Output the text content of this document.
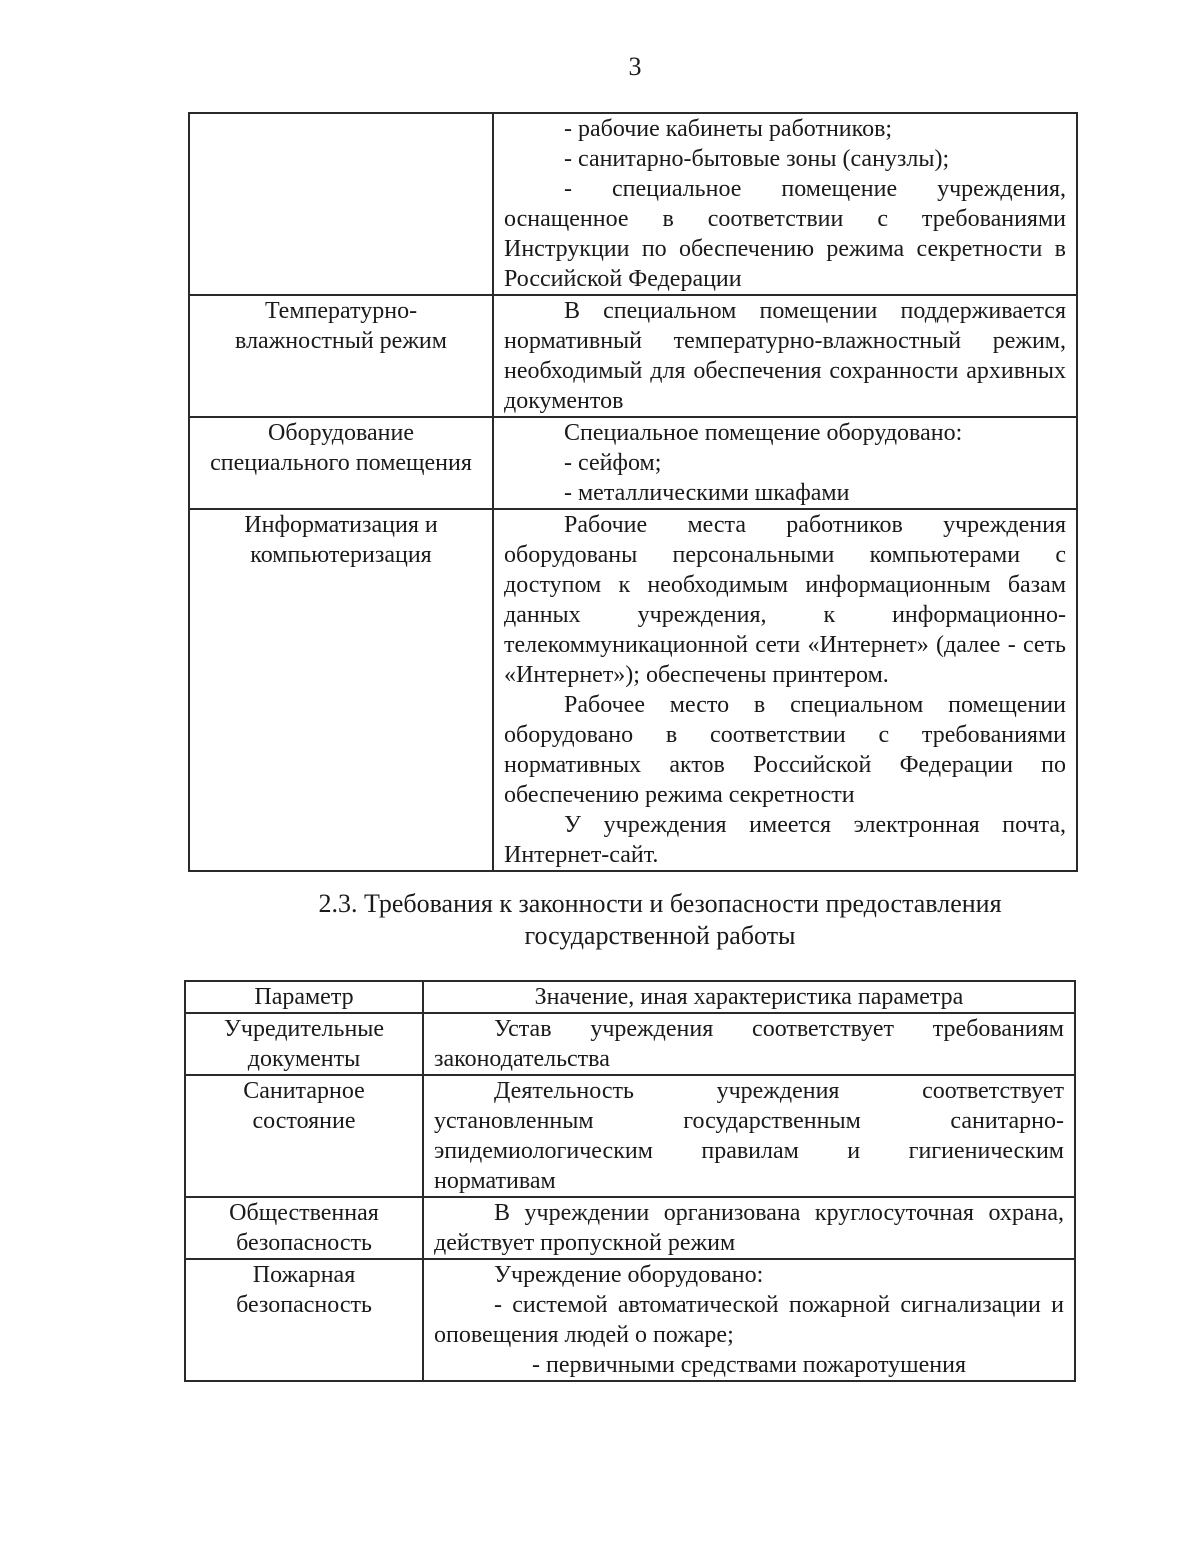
3

	- рабочие кабинеты работников;

- санитарно-бытовые зоны (санузлы);

- специальное помещение учреждения, оснащенное в соответствии с требованиями Инструкции по обеспечению режима секретности в Российской Федерации

Температурно-влажностный режим	В специальном помещении поддерживается нормативный температурно-влажностный режим, необходимый для обеспечения сохранности архивных документов

Оборудование специального помещения	Специальное помещение оборудовано:

- сейфом;

- металлическими шкафами

Информатизация и компьютеризация	Рабочие места работников учреждения оборудованы персональными компьютерами с доступом к необходимым информационным базам данных учреждения, к информационно-телекоммуникационной сети «Интернет» (далее - сеть «Интернет»); обеспечены принтером.

Рабочее место в специальном помещении оборудовано в соответствии с требованиями нормативных актов Российской Федерации по обеспечению режима секретности

У учреждения имеется электронная почта, Интернет-сайт.

2.3. Требования к законности и безопасности предоставления
государственной работы
Параметр	Значение, иная характеристика параметра
Учредительные документы	Устав учреждения соответствует требованиям законодательства

Санитарное состояние	Деятельность учреждения соответствует установленным государственным санитарно-эпидемиологическим правилам и гигиеническим нормативам

Общественная безопасность	В учреждении организована круглосуточная охрана, действует пропускной режим

Пожарная безопасность	Учреждение оборудовано:

- системой автоматической пожарной сигнализации и оповещения людей о пожаре;

- первичными средствами пожаротушения
